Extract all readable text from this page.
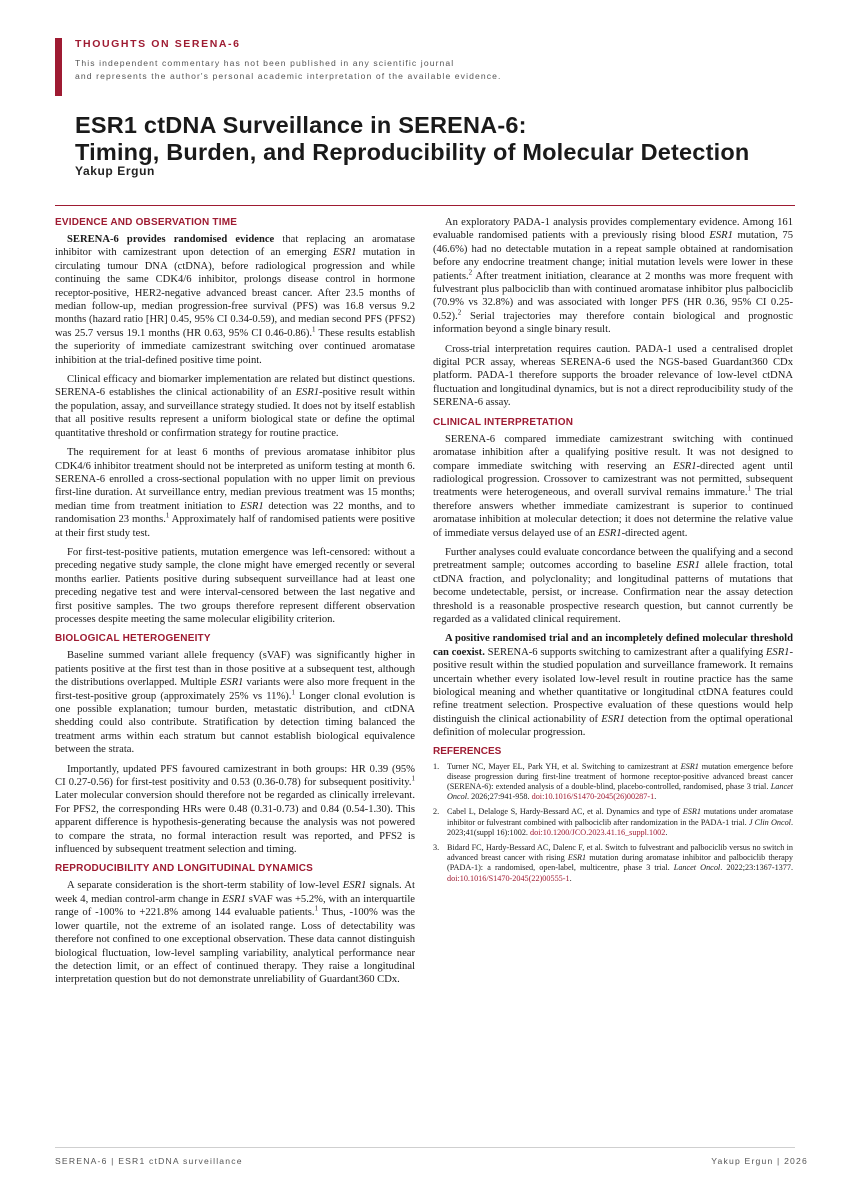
THOUGHTS ON SERENA-6
This independent commentary has not been published in any scientific journal
and represents the author's personal academic interpretation of the available evidence.
ESR1 ctDNA Surveillance in SERENA-6:
Timing, Burden, and Reproducibility of Molecular Detection
Yakup Ergun
EVIDENCE AND OBSERVATION TIME

SERENA-6 provides randomised evidence that replacing an aromatase inhibitor with camizestrant upon detection of an emerging ESR1 mutation in circulating tumour DNA (ctDNA), before radiological progression and while continuing the same CDK4/6 inhibitor, prolongs disease control in hormone receptor-positive, HER2-negative advanced breast cancer. After 23.5 months of median follow-up, median progression-free survival (PFS) was 16.8 versus 9.2 months (hazard ratio [HR] 0.45, 95% CI 0.34-0.59), and median second PFS (PFS2) was 25.7 versus 19.1 months (HR 0.63, 95% CI 0.46-0.86).$^1$ These results establish the superiority of immediate camizestrant switching over continued aromatase inhibition at the trial-defined positive time point.

Clinical efficacy and biomarker implementation are related but distinct questions. SERENA-6 establishes the clinical actionability of an ESR1-positive result within the population, assay, and surveillance strategy studied. It does not by itself establish that all positive results represent a uniform biological state or define the optimal quantitative threshold or confirmation strategy for routine practice.

The requirement for at least 6 months of previous aromatase inhibitor plus CDK4/6 inhibitor treatment should not be interpreted as uniform testing at month 6. SERENA-6 enrolled a cross-sectional population with no upper limit on previous first-line duration. At surveillance entry, median previous treatment was 15 months; median time from treatment initiation to ESR1 detection was 22 months, and to randomisation 23 months.$^1$ Approximately half of randomised patients were positive at their first study test.

For first-test-positive patients, mutation emergence was left-censored: without a preceding negative study sample, the clone might have emerged recently or several months earlier. Patients positive during subsequent surveillance had at least one preceding negative test and were interval-censored between the last negative and first positive samples. The two groups therefore represent different observation processes despite meeting the same molecular eligibility criterion.

BIOLOGICAL HETEROGENEITY

Baseline summed variant allele frequency (sVAF) was significantly higher in patients positive at the first test than in those positive at a subsequent test, although the distributions overlapped. Multiple ESR1 variants were also more frequent in the first-test-positive group (approximately 25% vs 11%).$^1$ Longer clonal evolution is one possible explanation; tumour burden, metastatic distribution, and ctDNA shedding could also contribute. Stratification by detection timing balanced the treatment arms within each stratum but cannot establish biological equivalence between the strata.

Importantly, updated PFS favoured camizestrant in both groups: HR 0.39 (95% CI 0.27-0.56) for first-test positivity and 0.53 (0.36-0.78) for subsequent positivity.$^1$ Later molecular conversion should therefore not be regarded as clinically irrelevant. For PFS2, the corresponding HRs were 0.48 (0.31-0.73) and 0.84 (0.54-1.30). This apparent difference is hypothesis-generating because the analysis was not powered to compare the strata, no formal interaction result was reported, and PFS2 is influenced by subsequent treatment selection and timing.

REPRODUCIBILITY AND LONGITUDINAL DYNAMICS

A separate consideration is the short-term stability of low-level ESR1 signals. At week 4, median control-arm change in ESR1 sVAF was +5.2%, with an interquartile range of -100% to +221.8% among 144 evaluable patients.$^1$ Thus, -100% was the lower quartile, not the extreme of an isolated range. Loss of detectability was therefore not confined to one exceptional observation. These data cannot distinguish biological fluctuation, low-level sampling variability, analytical performance near the detection limit, or an effect of continued therapy. They raise a longitudinal interpretation question but do not demonstrate unreliability of Guardant360 CDx.

An exploratory PADA-1 analysis provides complementary evidence. Among 161 evaluable randomised patients with a previously rising blood ESR1 mutation, 75 (46.6%) had no detectable mutation in a repeat sample obtained at randomisation before any endocrine treatment change; initial mutation levels were lower in these patients.$^2$ After treatment initiation, clearance at 2 months was more frequent with fulvestrant plus palbociclib than with continued aromatase inhibitor plus palbociclib (70.9% vs 32.8%) and was associated with longer PFS (HR 0.36, 95% CI 0.25-0.52).$^2$ Serial trajectories may therefore contain biological and prognostic information beyond a single binary result.

Cross-trial interpretation requires caution. PADA-1 used a centralised droplet digital PCR assay, whereas SERENA-6 used the NGS-based Guardant360 CDx platform. PADA-1 therefore supports the broader relevance of low-level ctDNA fluctuation and longitudinal dynamics, but is not a direct reproducibility study of the SERENA-6 assay.

CLINICAL INTERPRETATION

SERENA-6 compared immediate camizestrant switching with continued aromatase inhibition after a qualifying positive result. It was not designed to compare immediate switching with reserving an ESR1-directed agent until radiological progression. Crossover to camizestrant was not permitted, subsequent treatments were heterogeneous, and overall survival remains immature.$^1$ The trial therefore answers whether immediate camizestrant is superior to continued aromatase inhibition at molecular detection; it does not determine the relative value of immediate versus delayed use of an ESR1-directed agent.

Further analyses could evaluate concordance between the qualifying and a second pretreatment sample; outcomes according to baseline ESR1 allele fraction, total ctDNA fraction, and polyclonality; and longitudinal patterns of mutations that become undetectable, persist, or increase. Confirmation near the assay detection threshold is a reasonable prospective research question, but cannot currently be regarded as a validated clinical requirement.

A positive randomised trial and an incompletely defined molecular threshold can coexist. SERENA-6 supports switching to camizestrant after a qualifying ESR1-positive result within the studied population and surveillance framework. It remains uncertain whether every isolated low-level result in routine practice has the same biological meaning and whether quantitative or longitudinal ctDNA features could refine treatment selection. Prospective evaluation of these questions would help distinguish the clinical actionability of ESR1 detection from the optimal operational definition of molecular progression.

REFERENCES
1. Turner NC, Mayer EL, Park YH, et al. Switching to camizestrant at ESR1 mutation emergence before disease progression during first-line treatment of hormone receptor-positive advanced breast cancer (SERENA-6): extended analysis of a double-blind, placebo-controlled, randomised, phase 3 trial. Lancet Oncol. 2026;27:941-958. doi:10.1016/S1470-2045(26)00287-1.
2. Cabel L, Delaloge S, Hardy-Bessard AC, et al. Dynamics and type of ESR1 mutations under aromatase inhibitor or fulvestrant combined with palbociclib after randomization in the PADA-1 trial. J Clin Oncol. 2023;41(suppl 16):1002. doi:10.1200/JCO.2023.41.16_suppl.1002.
3. Bidard FC, Hardy-Bessard AC, Dalenc F, et al. Switch to fulvestrant and palbociclib versus no switch in advanced breast cancer with rising ESR1 mutation during aromatase inhibitor and palbociclib therapy (PADA-1): a randomised, open-label, multicentre, phase 3 trial. Lancet Oncol. 2022;23:1367-1377. doi:10.1016/S1470-2045(22)00555-1.
SERENA-6 | ESR1 ctDNA surveillance	Yakup Ergun | 2026
